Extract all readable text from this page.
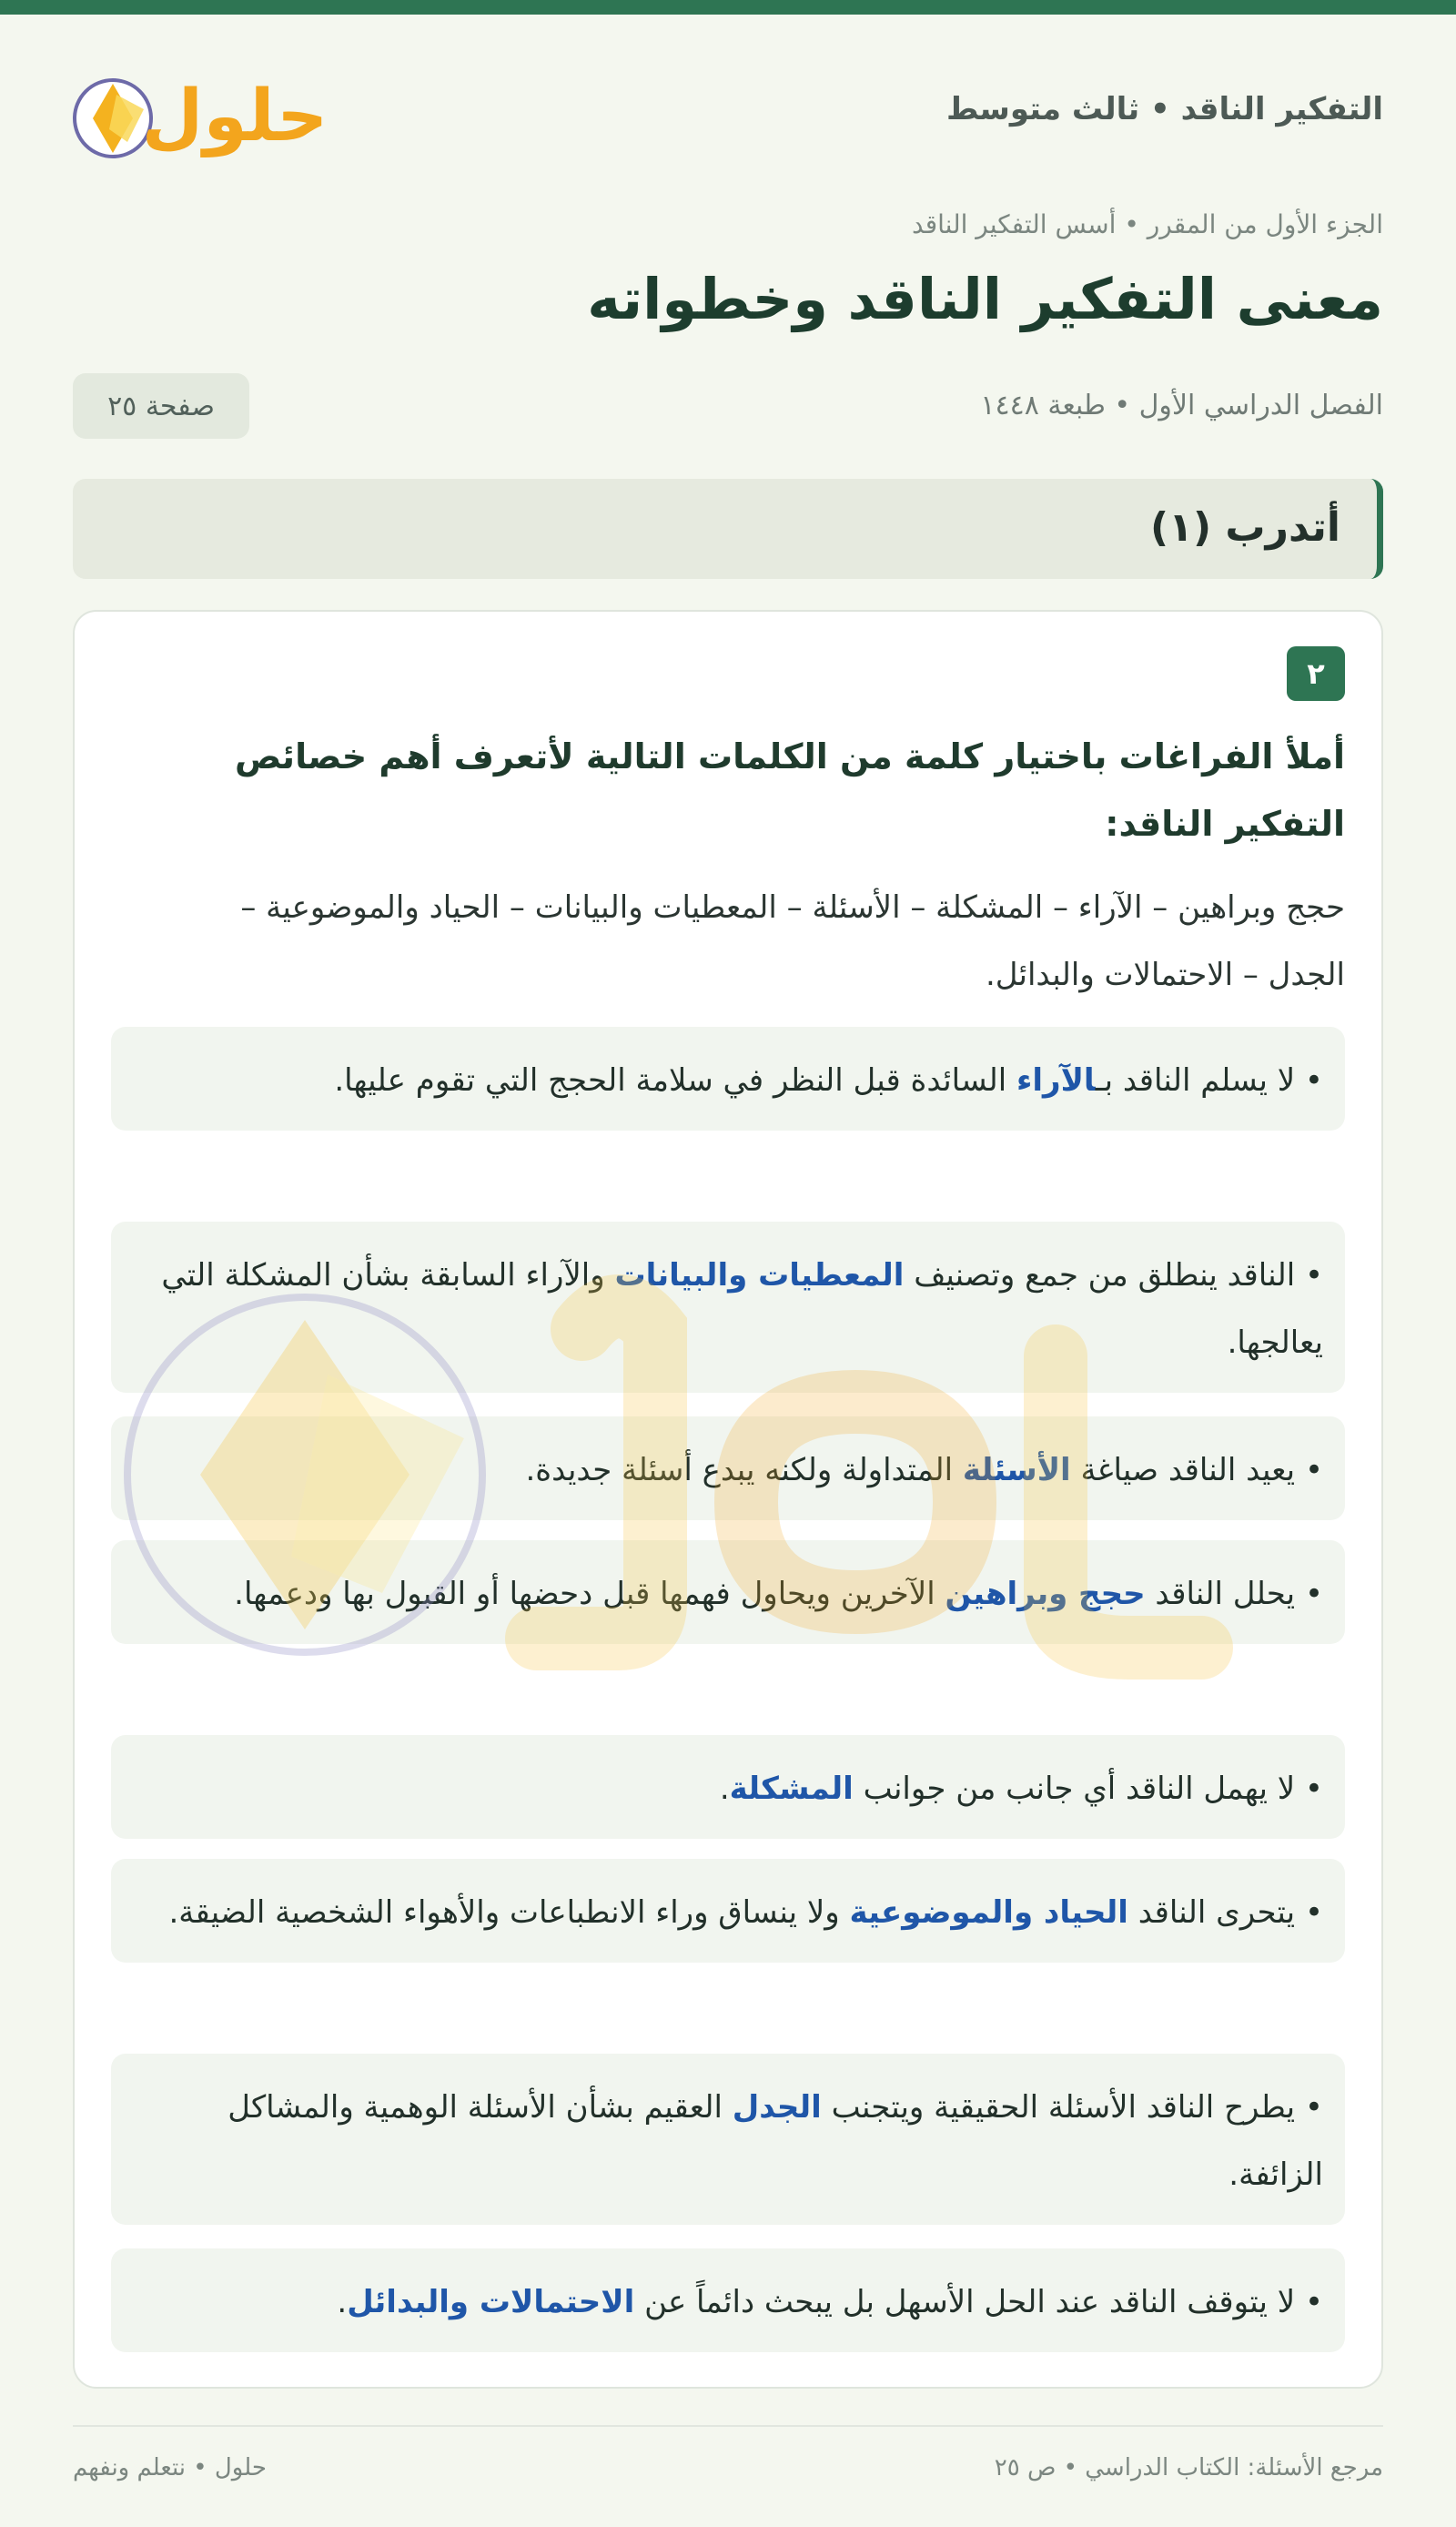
التفكير الناقد • ثالث متوسط
حلول
الجزء الأول من المقرر • أسس التفكير الناقد
معنى التفكير الناقد وخطواته
الفصل الدراسي الأول • طبعة ١٤٤٨
صفحة ٢٥
أتدرب (١)
٢
أملأ الفراغات باختيار كلمة من الكلمات التالية لأتعرف أهم خصائص التفكير الناقد:
حجج وبراهين – الآراء – المشكلة – الأسئلة – المعطيات والبيانات – الحياد والموضوعية – الجدل – الاحتمالات والبدائل.
• لا يسلم الناقد بـالآراء السائدة قبل النظر في سلامة الحجج التي تقوم عليها.
• الناقد ينطلق من جمع وتصنيف المعطيات والبيانات والآراء السابقة بشأن المشكلة التي يعالجها.
• يعيد الناقد صياغة الأسئلة المتداولة ولكنه يبدع أسئلة جديدة.
• يحلل الناقد حجج وبراهين الآخرين ويحاول فهمها قبل دحضها أو القبول بها ودعمها.
• لا يهمل الناقد أي جانب من جوانب المشكلة.
• يتحرى الناقد الحياد والموضوعية ولا ينساق وراء الانطباعات والأهواء الشخصية الضيقة.
• يطرح الناقد الأسئلة الحقيقية ويتجنب الجدل العقيم بشأن الأسئلة الوهمية والمشاكل الزائفة.
• لا يتوقف الناقد عند الحل الأسهل بل يبحث دائماً عن الاحتمالات والبدائل.
مرجع الأسئلة: الكتاب الدراسي • ص ٢٥
حلول • نتعلم ونفهم
